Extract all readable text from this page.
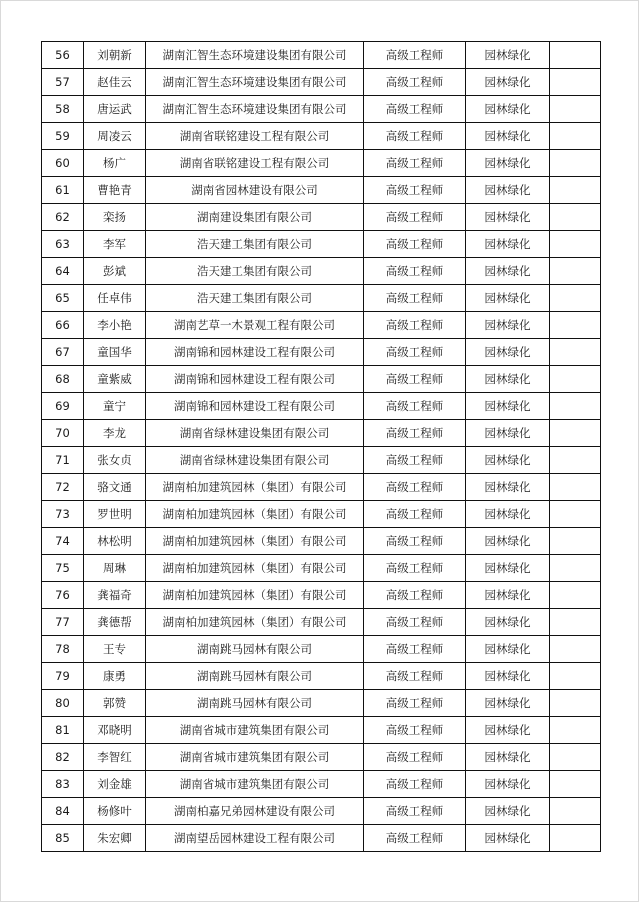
56	刘朝新	湖南汇智生态环境建设集团有限公司	高级工程师	园林绿化	
57	赵佳云	湖南汇智生态环境建设集团有限公司	高级工程师	园林绿化	
58	唐运武	湖南汇智生态环境建设集团有限公司	高级工程师	园林绿化	
59	周凌云	湖南省联铭建设工程有限公司	高级工程师	园林绿化	
60	杨广	湖南省联铭建设工程有限公司	高级工程师	园林绿化	
61	曹艳青	湖南省园林建设有限公司	高级工程师	园林绿化	
62	栾扬	湖南建设集团有限公司	高级工程师	园林绿化	
63	李军	浩天建工集团有限公司	高级工程师	园林绿化	
64	彭斌	浩天建工集团有限公司	高级工程师	园林绿化	
65	任卓伟	浩天建工集团有限公司	高级工程师	园林绿化	
66	李小艳	湖南艺草一木景观工程有限公司	高级工程师	园林绿化	
67	童国华	湖南锦和园林建设工程有限公司	高级工程师	园林绿化	
68	童紫威	湖南锦和园林建设工程有限公司	高级工程师	园林绿化	
69	童宁	湖南锦和园林建设工程有限公司	高级工程师	园林绿化	
70	李龙	湖南省绿林建设集团有限公司	高级工程师	园林绿化	
71	张女贞	湖南省绿林建设集团有限公司	高级工程师	园林绿化	
72	骆文通	湖南柏加建筑园林（集团）有限公司	高级工程师	园林绿化	
73	罗世明	湖南柏加建筑园林（集团）有限公司	高级工程师	园林绿化	
74	林松明	湖南柏加建筑园林（集团）有限公司	高级工程师	园林绿化	
75	周琳	湖南柏加建筑园林（集团）有限公司	高级工程师	园林绿化	
76	龚福奇	湖南柏加建筑园林（集团）有限公司	高级工程师	园林绿化	
77	龚德帮	湖南柏加建筑园林（集团）有限公司	高级工程师	园林绿化	
78	王专	湖南跳马园林有限公司	高级工程师	园林绿化	
79	康勇	湖南跳马园林有限公司	高级工程师	园林绿化	
80	郭赞	湖南跳马园林有限公司	高级工程师	园林绿化	
81	邓晓明	湖南省城市建筑集团有限公司	高级工程师	园林绿化	
82	李智红	湖南省城市建筑集团有限公司	高级工程师	园林绿化	
83	刘金雄	湖南省城市建筑集团有限公司	高级工程师	园林绿化	
84	杨修叶	湖南柏嘉兄弟园林建设有限公司	高级工程师	园林绿化	
85	朱宏卿	湖南望岳园林建设工程有限公司	高级工程师	园林绿化	
